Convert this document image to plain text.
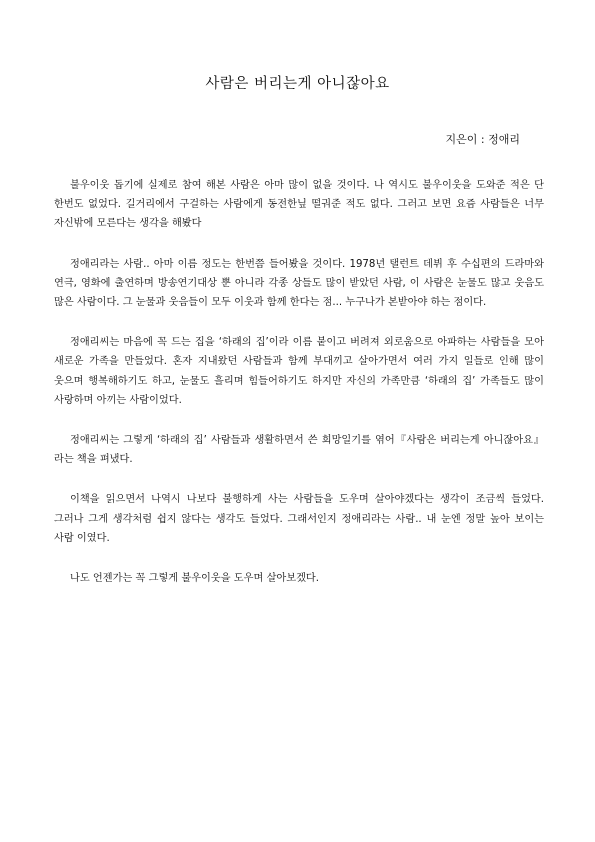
사람은 버리는게 아니잖아요

지은이 : 정애리

불우이웃 돕기에 실제로 참여 해본 사람은 아마 많이 없을 것이다. 나 역시도 불우이웃을 도와준 적은 단 한번도 없었다. 길거리에서 구걸하는 사람에게 동전한닢 떨궈준 적도 없다. 그러고 보면 요즘 사람들은 너무 자신밖에 모른다는 생각을 해봤다

정애리라는 사람.. 아마 이름 정도는 한번쯤 들어봤을 것이다. 1978년 탤런트 데뷔 후 수십편의 드라마와 연극, 영화에 출연하며 방송연기대상 뿐 아니라 각종 상들도 많이 받았던 사람, 이 사람은 눈물도 많고 웃음도 많은 사람이다. 그 눈물과 웃음들이 모두 이웃과 함께 한다는 점... 누구나가 본받아야 하는 점이다.

정애리씨는 마음에 꼭 드는 집을 ‘하래의 집’이라 이름 붙이고 버려져 외로움으로 아파하는 사람들을 모아 새로운 가족을 만들었다. 혼자 지내왔던 사람들과 함께 부대끼고 살아가면서 여러 가지 일들로 인해 많이 웃으며 행복해하기도 하고, 눈물도 흘리며 힘들어하기도 하지만 자신의 가족만큼 ‘하래의 집’ 가족들도 많이 사랑하며 아끼는 사람이었다.

정애리씨는 그렇게 ‘하래의 집’ 사람들과 생활하면서 쓴 희망일기를 엮어『사람은 버리는게 아니잖아요』라는 책을 펴냈다.

이책을 읽으면서 나역시 나보다 불행하게 사는 사람들을 도우며 살아야겠다는 생각이 조금씩 들었다. 그러나 그게 생각처럼 쉽지 않다는 생각도 들었다. 그래서인지 정애리라는 사람.. 내 눈엔 정말 높아 보이는 사람 이였다.

나도 언젠가는 꼭 그렇게 불우이웃을 도우며 살아보겠다.
